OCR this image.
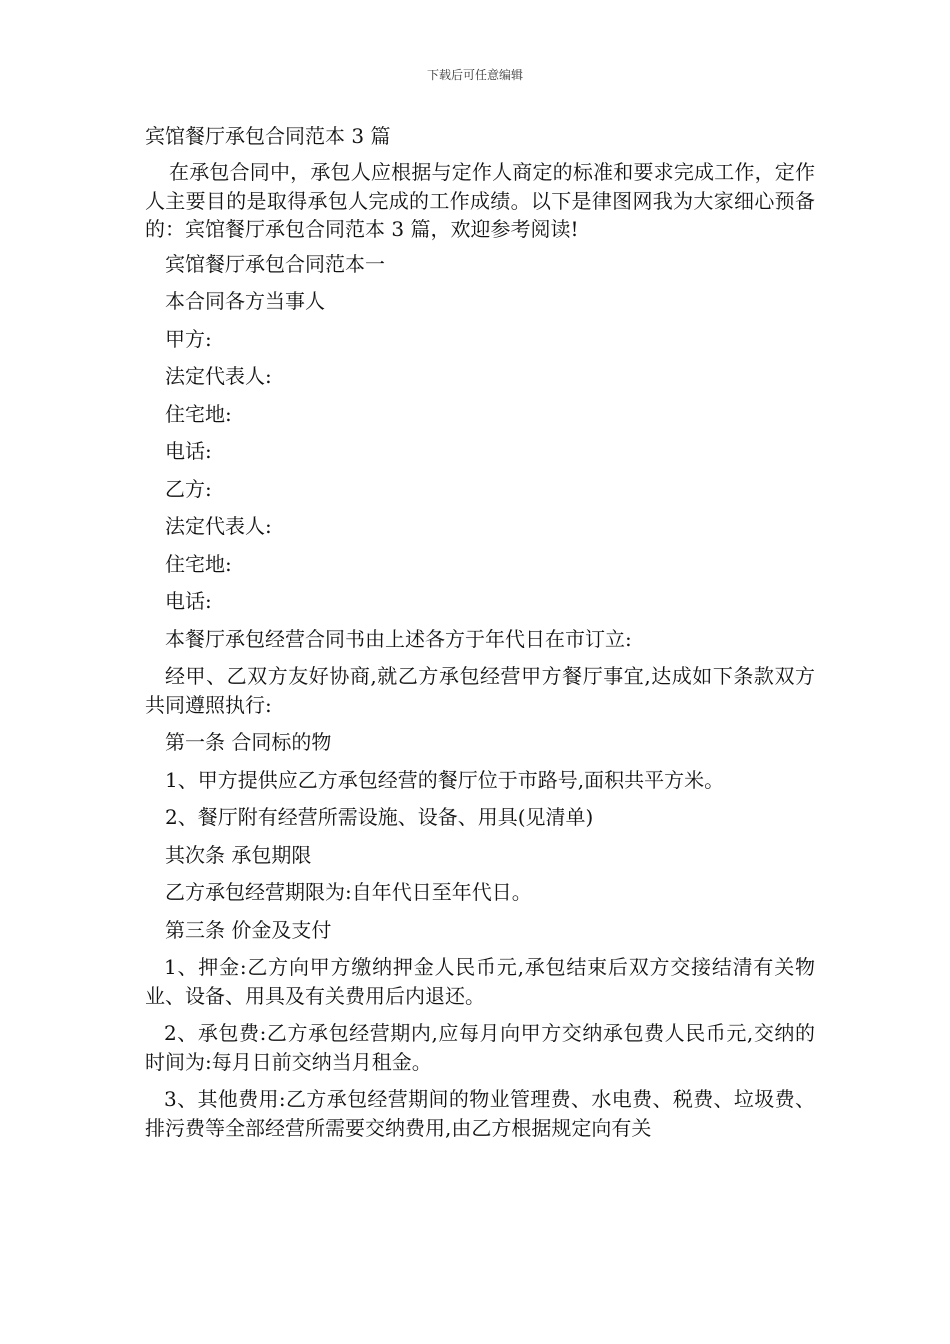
下载后可任意编辑
宾馆餐厅承包合同范本 3 篇

在承包合同中，承包人应根据与定作人商定的标准和要求完成工作，定作人主要目的是取得承包人完成的工作成绩。以下是律图网我为大家细心预备的：宾馆餐厅承包合同范本 3 篇，欢迎参考阅读!

宾馆餐厅承包合同范本一

本合同各方当事人

甲方:

法定代表人:

住宅地:

电话:

乙方:

法定代表人:

住宅地:

电话:

本餐厅承包经营合同书由上述各方于年代日在市订立:

经甲、乙双方友好协商,就乙方承包经营甲方餐厅事宜,达成如下条款双方共同遵照执行:

第一条 合同标的物

1、甲方提供应乙方承包经营的餐厅位于市路号,面积共平方米。

2、餐厅附有经营所需设施、设备、用具(见清单)

其次条 承包期限

乙方承包经营期限为:自年代日至年代日。

第三条 价金及支付

1、押金:乙方向甲方缴纳押金人民币元,承包结束后双方交接结清有关物业、设备、用具及有关费用后内退还。

2、承包费:乙方承包经营期内,应每月向甲方交纳承包费人民币元,交纳的时间为:每月日前交纳当月租金。

3、其他费用:乙方承包经营期间的物业管理费、水电费、税费、垃圾费、排污费等全部经营所需要交纳费用,由乙方根据规定向有关
